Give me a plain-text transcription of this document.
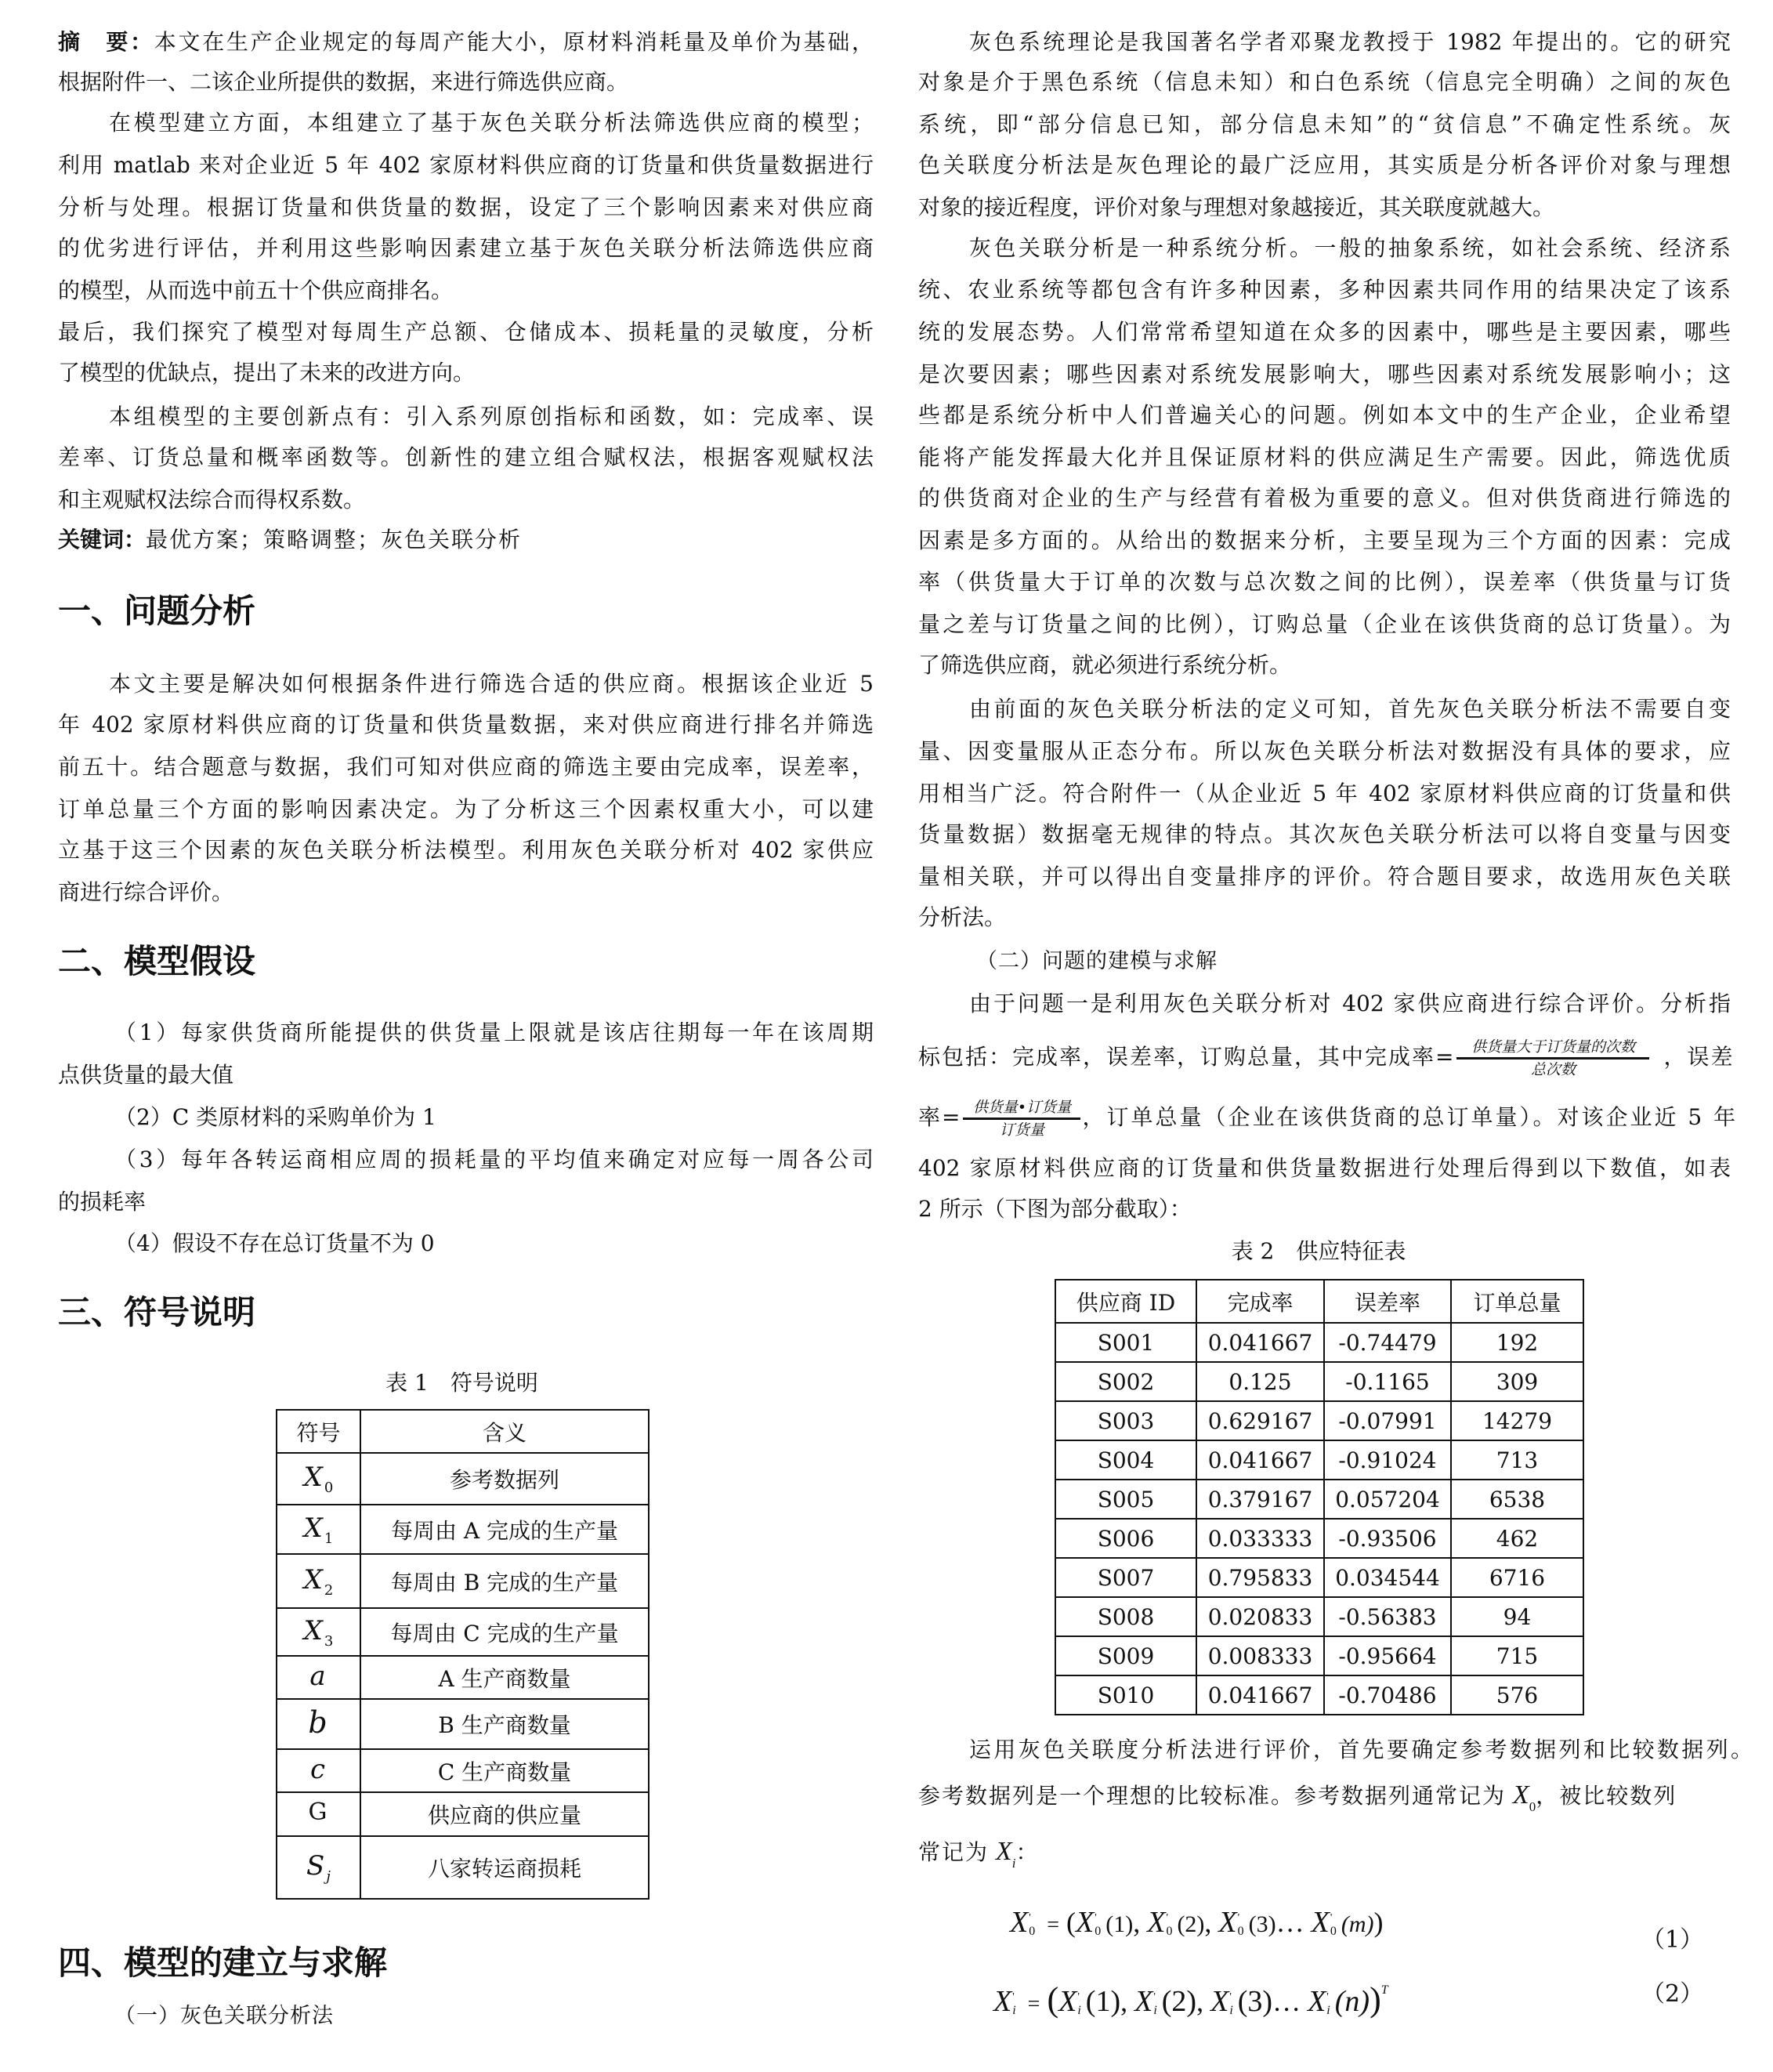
摘　要：本文在生产企业规定的每周产能大小，原材料消耗量及单价为基础，
根据附件一、二该企业所提供的数据，来进行筛选供应商。
在模型建立方面，本组建立了基于灰色关联分析法筛选供应商的模型；
利用 matlab 来对企业近 5 年 402 家原材料供应商的订货量和供货量数据进行
分析与处理。根据订货量和供货量的数据，设定了三个影响因素来对供应商
的优劣进行评估，并利用这些影响因素建立基于灰色关联分析法筛选供应商
的模型，从而选中前五十个供应商排名。
最后，我们探究了模型对每周生产总额、仓储成本、损耗量的灵敏度，分析
了模型的优缺点，提出了未来的改进方向。
本组模型的主要创新点有：引入系列原创指标和函数，如：完成率、误
差率、订货总量和概率函数等。创新性的建立组合赋权法，根据客观赋权法
和主观赋权法综合而得权系数。
关键词：最优方案；策略调整；灰色关联分析
一、问题分析
本文主要是解决如何根据条件进行筛选合适的供应商。根据该企业近 5
年 402 家原材料供应商的订货量和供货量数据，来对供应商进行排名并筛选
前五十。结合题意与数据，我们可知对供应商的筛选主要由完成率，误差率，
订单总量三个方面的影响因素决定。为了分析这三个因素权重大小，可以建
立基于这三个因素的灰色关联分析法模型。利用灰色关联分析对 402 家供应
商进行综合评价。
二、模型假设
（1）每家供货商所能提供的供货量上限就是该店往期每一年在该周期
点供货量的最大值
（2）C 类原材料的采购单价为 1
（3）每年各转运商相应周的损耗量的平均值来确定对应每一周各公司
的损耗率
（4）假设不存在总订货量不为 0
三、符号说明
表 1　符号说明
符号	含义
X $_0$	参考数据列
X $_1$	每周由 A 完成的生产量
X $_2$	每周由 B 完成的生产量
X $_3$	每周由 C 完成的生产量
a	A 生产商数量
b	B 生产商数量
c	C 生产商数量
G	供应商的供应量
S $_j$	八家转运商损耗
四、模型的建立与求解
（一）灰色关联分析法
灰色系统理论是我国著名学者邓聚龙教授于 1982 年提出的。它的研究
对象是介于黑色系统（信息未知）和白色系统（信息完全明确）之间的灰色
系统，即“部分信息已知，部分信息未知”的“贫信息”不确定性系统。灰
色关联度分析法是灰色理论的最广泛应用，其实质是分析各评价对象与理想
对象的接近程度，评价对象与理想对象越接近，其关联度就越大。
灰色关联分析是一种系统分析。一般的抽象系统，如社会系统、经济系
统、农业系统等都包含有许多种因素，多种因素共同作用的结果决定了该系
统的发展态势。人们常常希望知道在众多的因素中，哪些是主要因素，哪些
是次要因素；哪些因素对系统发展影响大，哪些因素对系统发展影响小；这
些都是系统分析中人们普遍关心的问题。例如本文中的生产企业，企业希望
能将产能发挥最大化并且保证原材料的供应满足生产需要。因此，筛选优质
的供货商对企业的生产与经营有着极为重要的意义。但对供货商进行筛选的
因素是多方面的。从给出的数据来分析，主要呈现为三个方面的因素：完成
率（供货量大于订单的次数与总次数之间的比例），误差率（供货量与订货
量之差与订货量之间的比例），订购总量（企业在该供货商的总订货量）。为
了筛选供应商，就必须进行系统分析。
由前面的灰色关联分析法的定义可知，首先灰色关联分析法不需要自变
量、因变量服从正态分布。所以灰色关联分析法对数据没有具体的要求，应
用相当广泛。符合附件一（从企业近 5 年 402 家原材料供应商的订货量和供
货量数据）数据毫无规律的特点。其次灰色关联分析法可以将自变量与因变
量相关联，并可以得出自变量排序的评价。符合题目要求，故选用灰色关联
分析法。
（二）问题的建模与求解
由于问题一是利用灰色关联分析对 402 家供应商进行综合评价。分析指
标包括：完成率，误差率，订购总量，其中完成率= $\frac{\text{供货量大于订货量的次数}}{\text{总次数}}$ ，误差
率= $\frac{\text{供货量•订货量}}{\text{订货量}}$ ，订单总量（企业在该供货商的总订单量）。对该企业近 5 年
402 家原材料供应商的订货量和供货量数据进行处理后得到以下数值，如表
2 所示（下图为部分截取）：
表 2　供应特征表
供应商 ID	完成率	误差率	订单总量
S001	0.041667	-0.74479	192
S002	0.125	-0.1165	309
S003	0.629167	-0.07991	14279
S004	0.041667	-0.91024	713
S005	0.379167	0.057204	6538
S006	0.033333	-0.93506	462
S007	0.795833	0.034544	6716
S008	0.020833	-0.56383	94
S009	0.008333	-0.95664	715
S010	0.041667	-0.70486	576
运用灰色关联度分析法进行评价，首先要确定参考数据列和比较数据列。
参考数据列是一个理想的比较标准。参考数据列通常记为 $X_0$，被比较数列
常记为 $X_i$：
X '
0 = (X '
0 (1), X '
0 (2), X '
0 (3)… X '
0 (m))
（1）
X '
i = (X '
i (1), X '
i (2), X '
i (3)… X '
i (n))$^T$	（2）
